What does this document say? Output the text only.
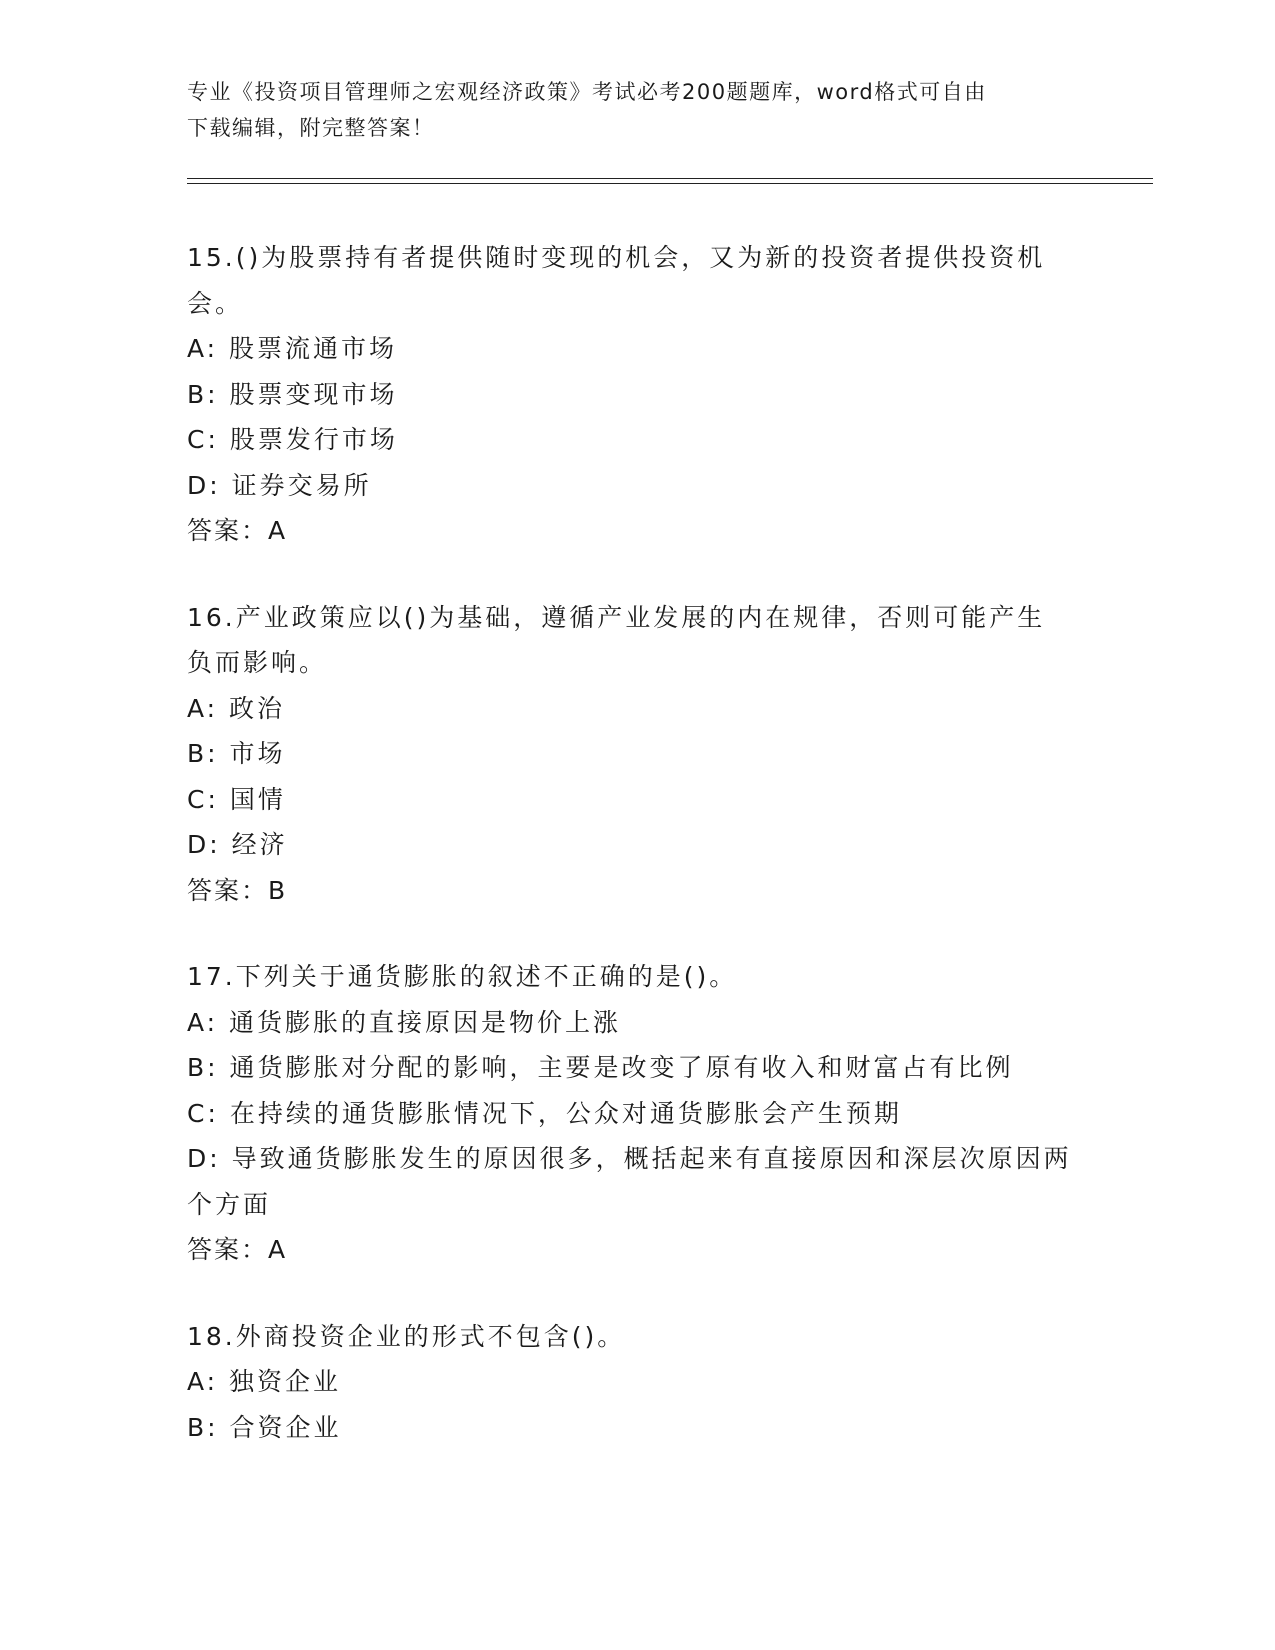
专业《投资项目管理师之宏观经济政策》考试必考200题题库，word格式可自由
下载编辑，附完整答案！
15.()为股票持有者提供随时变现的机会，又为新的投资者提供投资机会。
A: 股票流通市场
B: 股票变现市场
C: 股票发行市场
D: 证券交易所
答案：A
16.产业政策应以()为基础，遵循产业发展的内在规律，否则可能产生负而影响。
A: 政治
B: 市场
C: 国情
D: 经济
答案：B
17.下列关于通货膨胀的叙述不正确的是()。
A: 通货膨胀的直接原因是物价上涨
B: 通货膨胀对分配的影响，主要是改变了原有收入和财富占有比例
C: 在持续的通货膨胀情况下，公众对通货膨胀会产生预期
D: 导致通货膨胀发生的原因很多，概括起来有直接原因和深层次原因两个方面
答案：A
18.外商投资企业的形式不包含()。
A: 独资企业
B: 合资企业
